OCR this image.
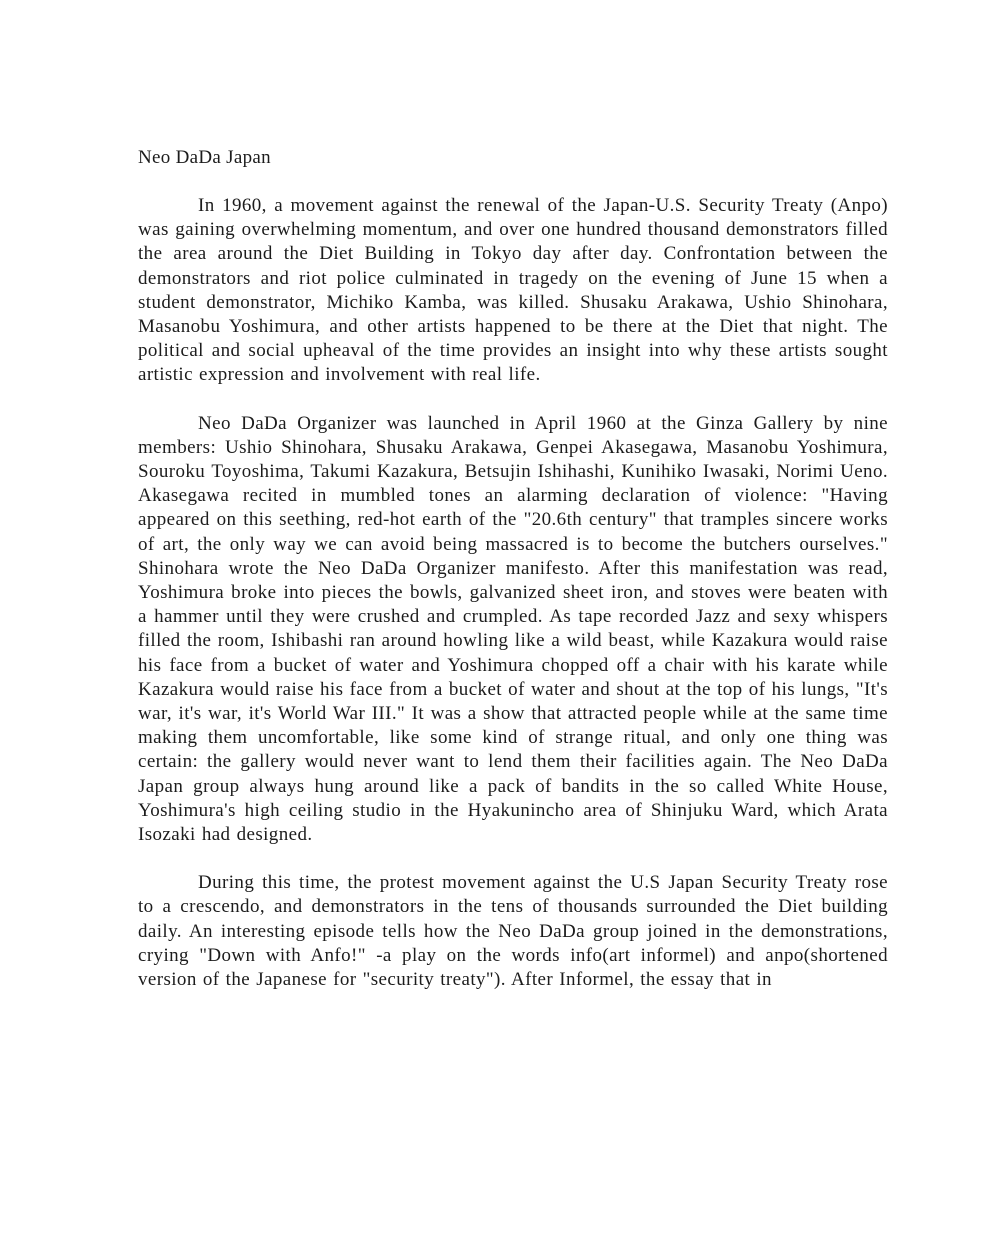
Neo DaDa Japan

In 1960, a movement against the renewal of the Japan-U.S. Security Treaty (Anpo) was gaining overwhelming momentum, and over one hundred thousand demonstrators filled the area around the Diet Building in Tokyo day after day. Confrontation between the demonstrators and riot police culminated in tragedy on the evening of June 15 when a student demonstrator, Michiko Kamba, was killed. Shusaku Arakawa, Ushio Shinohara, Masanobu Yoshimura, and other artists happened to be there at the Diet that night. The political and social upheaval of the time provides an insight into why these artists sought artistic expression and involvement with real life.

Neo DaDa Organizer was launched in April 1960 at the Ginza Gallery by nine members: Ushio Shinohara, Shusaku Arakawa, Genpei Akasegawa, Masanobu Yoshimura, Souroku Toyoshima, Takumi Kazakura, Betsujin Ishihashi, Kunihiko Iwasaki, Norimi Ueno. Akasegawa recited in mumbled tones an alarming declaration of violence: "Having appeared on this seething, red-hot earth of the "20.6th century" that tramples sincere works of art, the only way we can avoid being massacred is to become the butchers ourselves." Shinohara wrote the Neo DaDa Organizer manifesto. After this manifestation was read, Yoshimura broke into pieces the bowls, galvanized sheet iron, and stoves were beaten with a hammer until they were crushed and crumpled. As tape recorded Jazz and sexy whispers filled the room, Ishibashi ran around howling like a wild beast, while Kazakura would raise his face from a bucket of water and Yoshimura chopped off a chair with his karate while Kazakura would raise his face from a bucket of water and shout at the top of his lungs, "It's war, it's war, it's World War III." It was a show that attracted people while at the same time making them uncomfortable, like some kind of strange ritual, and only one thing was certain: the gallery would never want to lend them their facilities again. The Neo DaDa Japan group always hung around like a pack of bandits in the so called White House, Yoshimura's high ceiling studio in the Hyakunincho area of Shinjuku Ward, which Arata Isozaki had designed.

During this time, the protest movement against the U.S Japan Security Treaty rose to a crescendo, and demonstrators in the tens of thousands surrounded the Diet building daily. An interesting episode tells how the Neo DaDa group joined in the demonstrations, crying "Down with Anfo!" -a play on the words info(art informel) and anpo(shortened version of the Japanese for "security treaty"). After Informel, the essay that in
